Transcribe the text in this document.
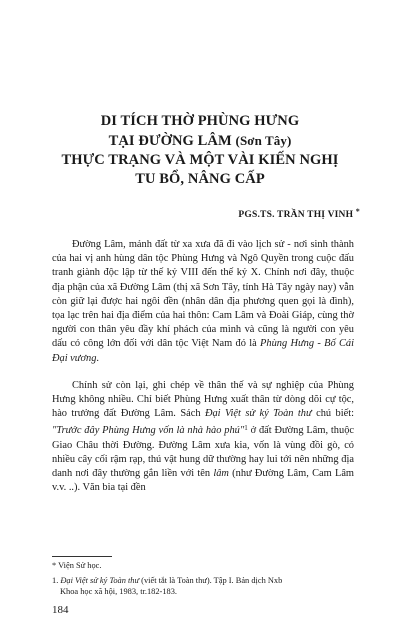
DI TÍCH THỜ PHÙNG HƯNG
TẠI ĐƯỜNG LÂM (Sơn Tây)
THỰC TRẠNG VÀ MỘT VÀI KIẾN NGHỊ
TU BỔ, NÂNG CẤP
PGS.TS. TRẦN THỊ VINH *

Đường Lâm, mảnh đất từ xa xưa đã đi vào lịch sử - nơi sinh thành của hai vị anh hùng dân tộc Phùng Hưng và Ngô Quyền trong cuộc đấu tranh giành độc lập từ thế kỷ VIII đến thế kỷ X. Chính nơi đây, thuộc địa phận của xã Đường Lâm (thị xã Sơn Tây, tỉnh Hà Tây ngày nay) vẫn còn giữ lại được hai ngôi đền (nhân dân địa phương quen gọi là đình), tọa lạc trên hai địa điểm của hai thôn: Cam Lâm và Đoài Giáp, cùng thờ người con thân yêu đầy khí phách của mình và cũng là người con yêu dấu có công lớn đối với dân tộc Việt Nam đó là Phùng Hưng - Bố Cái Đại vương.

Chính sử còn lại, ghi chép về thân thế và sự nghiệp của Phùng Hưng không nhiều. Chỉ biết Phùng Hưng xuất thân từ dòng dõi cự tộc, hào trưởng đất Đường Lâm. Sách Đại Việt sử ký Toàn thư chú biết: "Trước đây Phùng Hưng vốn là nhà hào phú"$^1$ ở đất Đường Lâm, thuộc Giao Châu thời Đường. Đường Lâm xưa kia, vốn là vùng đồi gò, có nhiều cây cối rậm rạp, thú vật hung dữ thường hay lui tới nên những địa danh nơi đây thường gắn liền với tên lâm (như Đường Lâm, Cam Lâm v.v. ..). Văn bia tại đền

* Viện Sử học.
1. Đại Việt sử ký Toàn thư (viết tắt là Toàn thư). Tập I. Bản dịch Nxb
Khoa học xã hội, 1983, tr.182-183.
184
